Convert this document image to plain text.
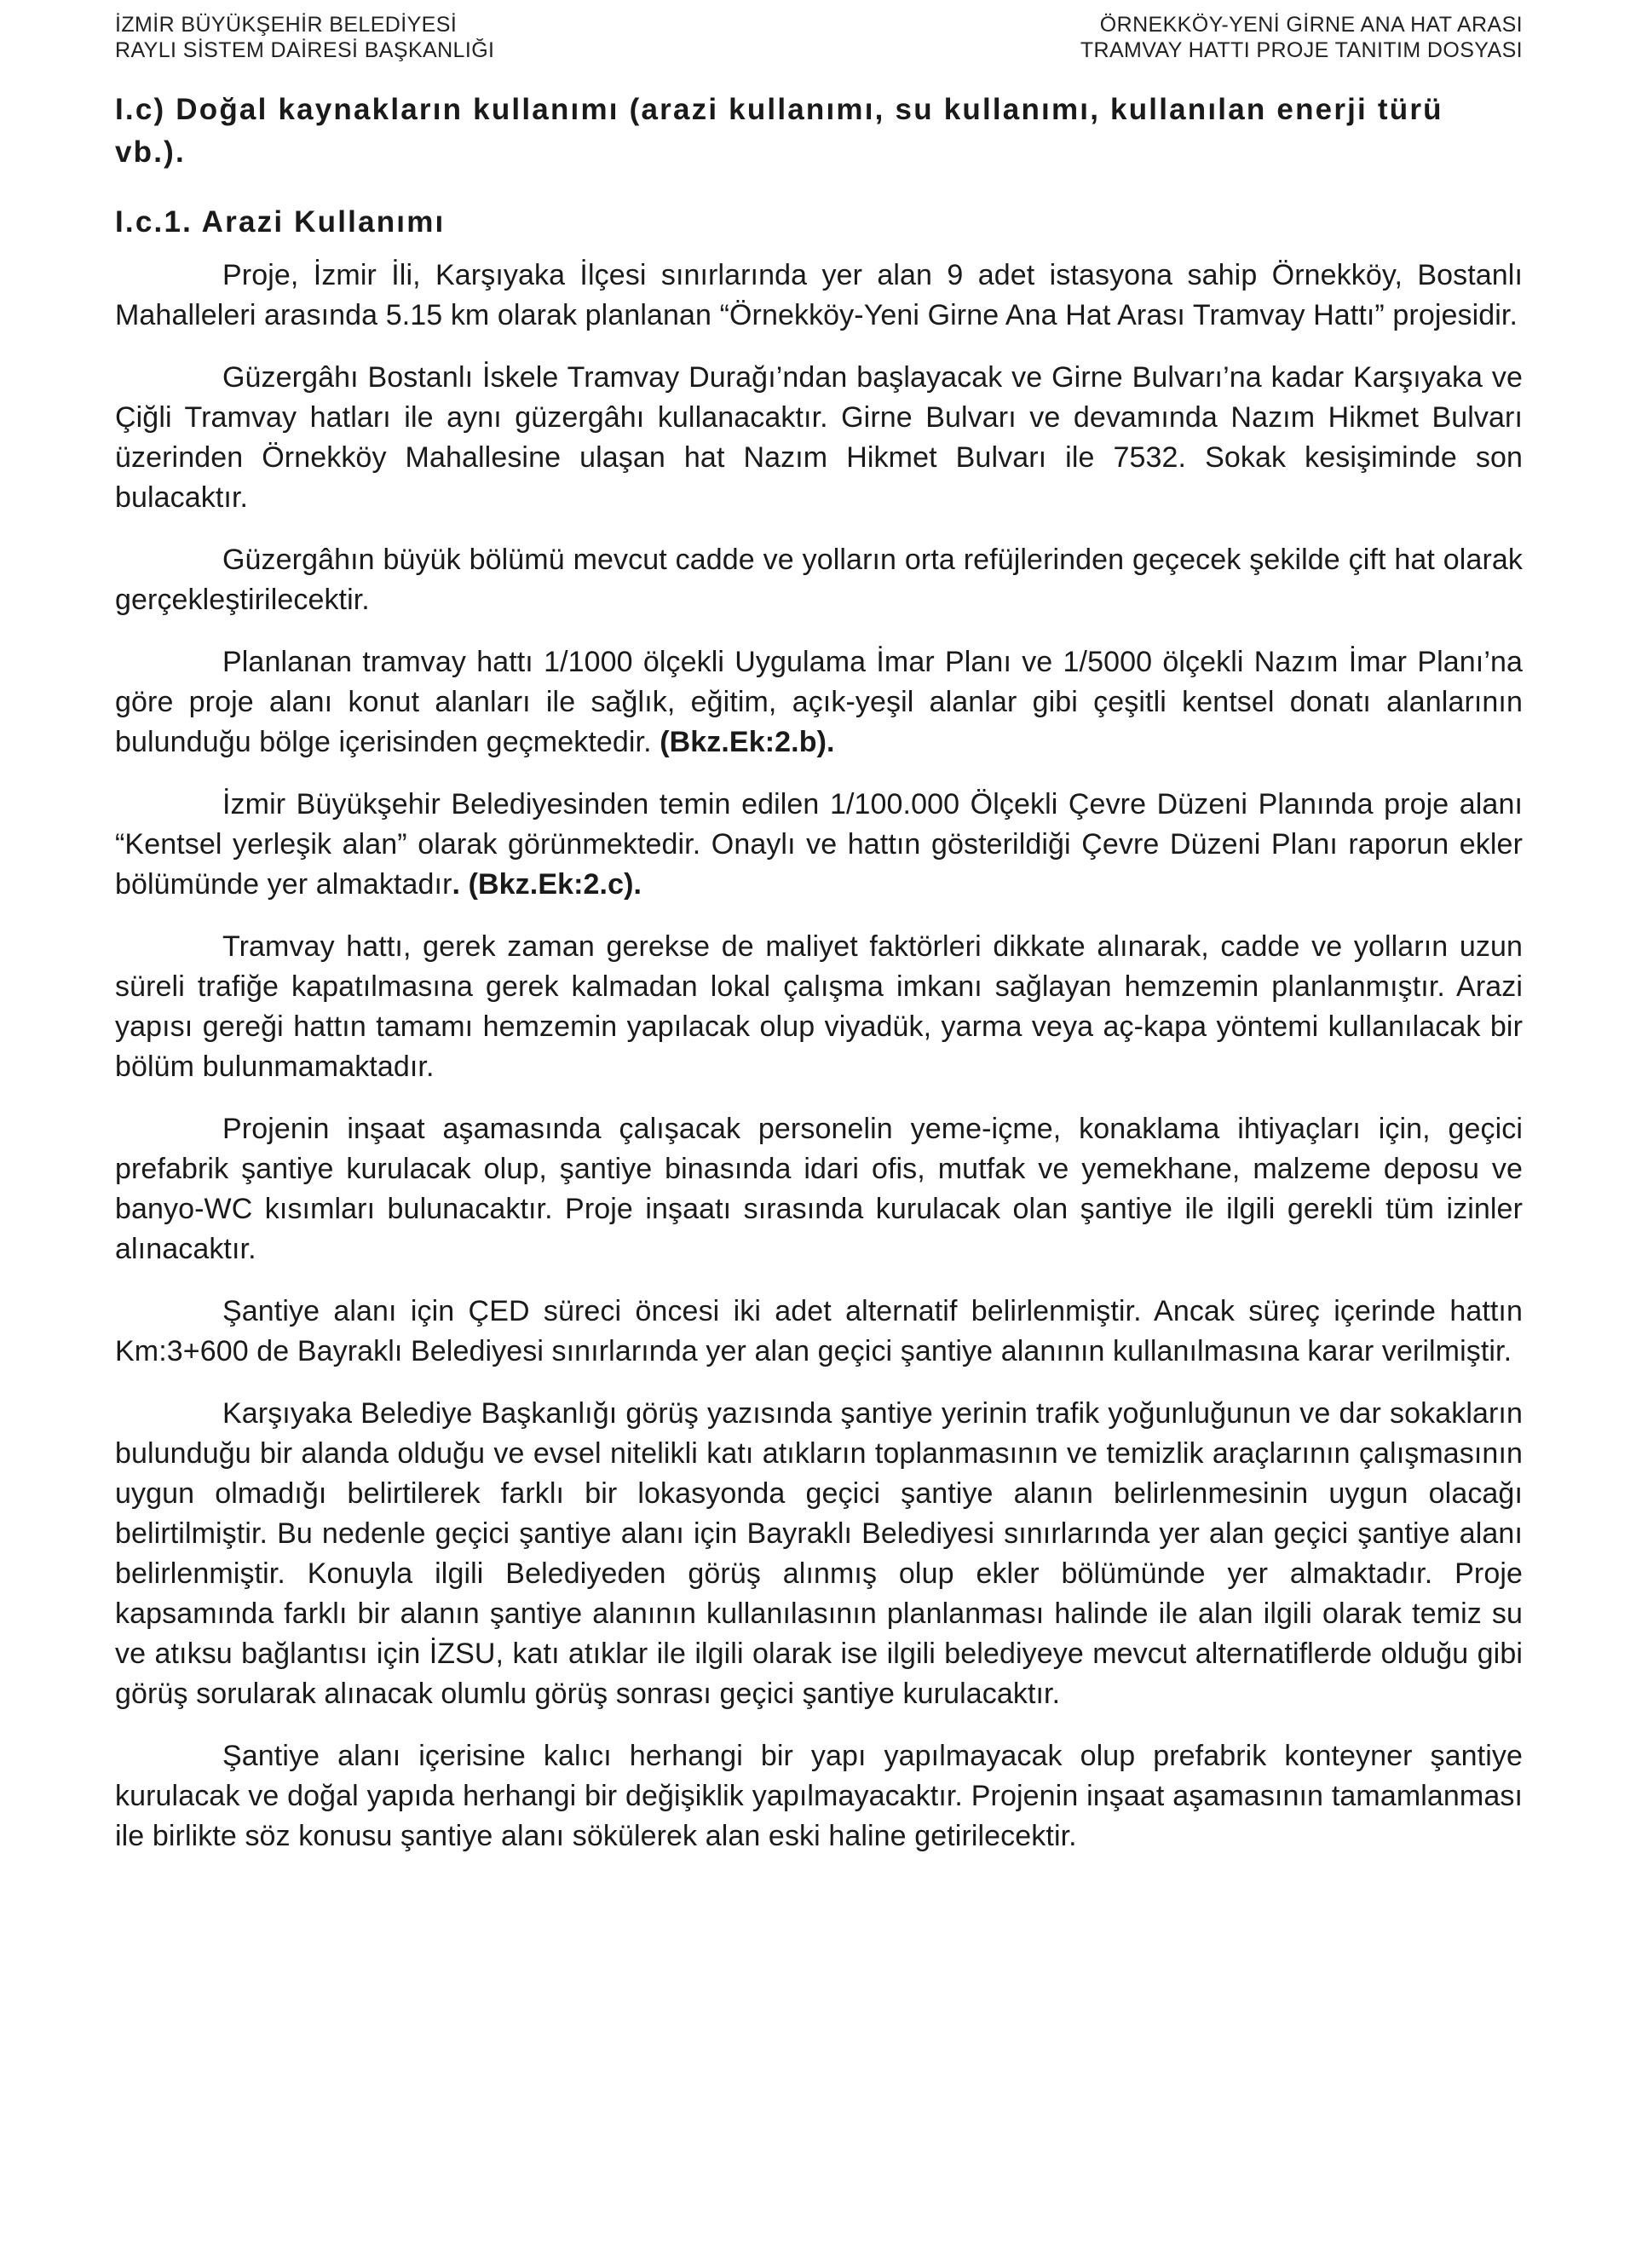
İZMİR BÜYÜKŞEHİR BELEDİYESİ
RAYLI SİSTEM DAİRESİ BAŞKANLIĞI
ÖRNEKKÖY-YENİ GİRNE ANA HAT ARASI
TRAMVAY HATTI PROJE TANITIM DOSYASI
I.c) Doğal kaynakların kullanımı (arazi kullanımı, su kullanımı, kullanılan enerji türü vb.).
I.c.1. Arazi Kullanımı

Proje, İzmir İli, Karşıyaka İlçesi sınırlarında yer alan 9 adet istasyona sahip Örnekköy, Bostanlı Mahalleleri arasında 5.15 km olarak planlanan “Örnekköy-Yeni Girne Ana Hat Arası Tramvay Hattı” projesidir.

Güzergâhı Bostanlı İskele Tramvay Durağı’ndan başlayacak ve Girne Bulvarı’na kadar Karşıyaka ve Çiğli Tramvay hatları ile aynı güzergâhı kullanacaktır. Girne Bulvarı ve devamında Nazım Hikmet Bulvarı üzerinden Örnekköy Mahallesine ulaşan hat Nazım Hikmet Bulvarı ile 7532. Sokak kesişiminde son bulacaktır.

Güzergâhın büyük bölümü mevcut cadde ve yolların orta refüjlerinden geçecek şekilde çift hat olarak gerçekleştirilecektir.

Planlanan tramvay hattı 1/1000 ölçekli Uygulama İmar Planı ve 1/5000 ölçekli Nazım İmar Planı’na göre proje alanı konut alanları ile sağlık, eğitim, açık-yeşil alanlar gibi çeşitli kentsel donatı alanlarının bulunduğu bölge içerisinden geçmektedir. (Bkz.Ek:2.b).

İzmir Büyükşehir Belediyesinden temin edilen 1/100.000 Ölçekli Çevre Düzeni Planında proje alanı “Kentsel yerleşik alan” olarak görünmektedir. Onaylı ve hattın gösterildiği Çevre Düzeni Planı raporun ekler bölümünde yer almaktadır. (Bkz.Ek:2.c).

Tramvay hattı, gerek zaman gerekse de maliyet faktörleri dikkate alınarak, cadde ve yolların uzun süreli trafiğe kapatılmasına gerek kalmadan lokal çalışma imkanı sağlayan hemzemin planlanmıştır. Arazi yapısı gereği hattın tamamı hemzemin yapılacak olup viyadük, yarma veya aç-kapa yöntemi kullanılacak bir bölüm bulunmamaktadır.

Projenin inşaat aşamasında çalışacak personelin yeme-içme, konaklama ihtiyaçları için, geçici prefabrik şantiye kurulacak olup, şantiye binasında idari ofis, mutfak ve yemekhane, malzeme deposu ve banyo-WC kısımları bulunacaktır. Proje inşaatı sırasında kurulacak olan şantiye ile ilgili gerekli tüm izinler alınacaktır.

Şantiye alanı için ÇED süreci öncesi iki adet alternatif belirlenmiştir. Ancak süreç içerinde hattın Km:3+600 de Bayraklı Belediyesi sınırlarında yer alan geçici şantiye alanının kullanılmasına karar verilmiştir.

Karşıyaka Belediye Başkanlığı görüş yazısında şantiye yerinin trafik yoğunluğunun ve dar sokakların bulunduğu bir alanda olduğu ve evsel nitelikli katı atıkların toplanmasının ve temizlik araçlarının çalışmasının uygun olmadığı belirtilerek farklı bir lokasyonda geçici şantiye alanın belirlenmesinin uygun olacağı belirtilmiştir. Bu nedenle geçici şantiye alanı için Bayraklı Belediyesi sınırlarında yer alan geçici şantiye alanı belirlenmiştir. Konuyla ilgili Belediyeden görüş alınmış olup ekler bölümünde yer almaktadır. Proje kapsamında farklı bir alanın şantiye alanının kullanılasının planlanması halinde ile alan ilgili olarak temiz su ve atıksu bağlantısı için İZSU, katı atıklar ile ilgili olarak ise ilgili belediyeye mevcut alternatiflerde olduğu gibi görüş sorularak alınacak olumlu görüş sonrası geçici şantiye kurulacaktır.

Şantiye alanı içerisine kalıcı herhangi bir yapı yapılmayacak olup prefabrik konteyner şantiye kurulacak ve doğal yapıda herhangi bir değişiklik yapılmayacaktır. Projenin inşaat aşamasının tamamlanması ile birlikte söz konusu şantiye alanı sökülerek alan eski haline getirilecektir.
